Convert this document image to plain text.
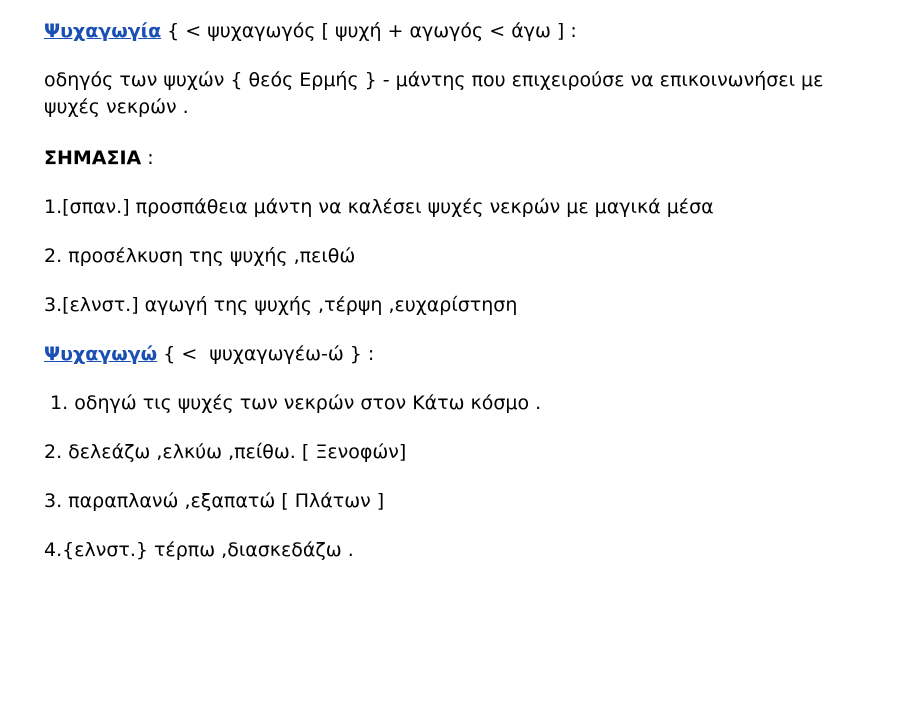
Ψυχαγωγία { < ψυχαγωγός [ ψυχή + αγωγός < άγω ] :

οδηγός των ψυχών { θεός Ερμής } - μάντης που επιχειρούσε να επικοινωνήσει με ψυχές νεκρών .

ΣΗΜΑΣΙΑ :

1.[σπαν.] προσπάθεια μάντη να καλέσει ψυχές νεκρών με μαγικά μέσα

2. προσέλκυση της ψυχής ,πειθώ

3.[ελνστ.] αγωγή της ψυχής ,τέρψη ,ευχαρίστηση

Ψυχαγωγώ { <  ψυχαγωγέω-ώ } :

1. οδηγώ τις ψυχές των νεκρών στον Κάτω κόσμο .

2. δελεάζω ,ελκύω ,πείθω. [ Ξενοφών]

3. παραπλανώ ,εξαπατώ [ Πλάτων ]

4.{ελνστ.} τέρπω ,διασκεδάζω .
